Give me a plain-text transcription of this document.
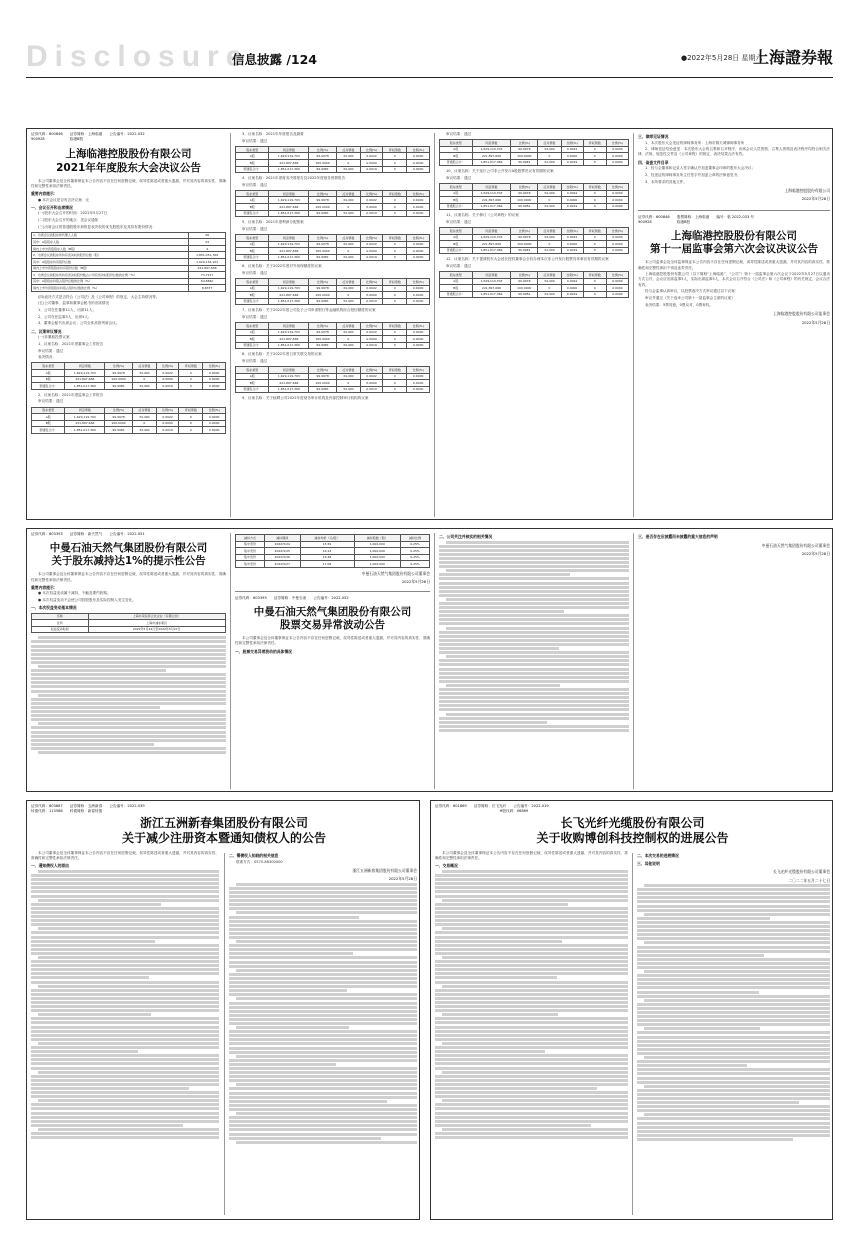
Disclosure
信息披露 /124	●2022年5月28日 星期六
上海證券報
证券代码：600846　　证券简称：上海临港　　公告编号：2022-032
900928　　　　　　　临港B股
上海临港控股股份有限公司
2021年年度股东大会决议公告
本公司董事会及全体董事保证本公告内容不存在任何虚假记载、误导性陈述或者重大遗漏，并对其内容的真实性、准确性和完整性承担法律责任。
重要内容提示：
● 本次会议是否有否决议案：无
一、会议召开和出席情况
(一)股东大会召开的时间：2022年5月27日
(二)股东大会召开的地点：见会议通知
(三)出席会议的普通股股东和恢复表决权的优先股股东及其持有股份情况：
1、出席会议的股东和代理人人数	28
其中：A股股东人数	24
境内上市外资股股东人数（B股）	4
2、出席会议的股东所持有表决权的股份总数（股）	1,851,051,769
其中：A股股东持有股份总数	1,629,154,103
境内上市外资股股东持有股份总数（B股）	221,897,666
3、出席会议的股东所持有表决权股份数占公司有表决权股份总数的比例（%）	73.7217
其中：A股股东持股占股份总数的比例（%）	64.8840
境内上市外资股股东持股占股份总数的比例（%）	8.8377
(四)表决方式是否符合《公司法》及《公司章程》的规定，大会主持情况等。
(五)公司董事、监事和董事会秘书的出席情况
1、公司在任董事11人，出席11人；
2、公司在任监事5人，出席5人；
3、董事会秘书出席会议；公司全体高管列席会议。
二、议案审议情况
(一)非累积投票议案
1、议案名称：2021年度董事会工作报告
审议结果：通过
表决情况：
股东类型	同意票数	比例(%)	反对票数	比例(%)	弃权票数	比例(%)
A股	1,629,119,703	99.9978	34,400	0.0022	0	0.0000
B股	221,897,666	100.0000	0	0.0000	0	0.0000
普通股合计：	1,851,017,369	99.9981	34,400	0.0019	0	0.0000
2、议案名称：2021年度监事会工作报告
审议结果：通过
股东类型	同意票数	比例(%)	反对票数	比例(%)	弃权票数	比例(%)
A股	1,629,119,703	99.9978	34,400	0.0022	0	0.0000
B股	221,897,666	100.0000	0	0.0000	0	0.0000
普通股合计：	1,851,017,369	99.9981	34,400	0.0019	0	0.0000
3、议案名称：2021年年度报告及摘要
审议结果：通过
股东类型	同意票数	比例(%)	反对票数	比例(%)	弃权票数	比例(%)
A股	1,629,119,703	99.9978	34,400	0.0022	0	0.0000
B股	221,897,666	100.0000	0	0.0000	0	0.0000
普通股合计：	1,851,017,369	99.9981	34,400	0.0019	0	0.0000
4、议案名称：2021年度财务决算报告及2022年度财务预算报告
审议结果：通过
股东类型	同意票数	比例(%)	反对票数	比例(%)	弃权票数	比例(%)
A股	1,629,119,703	99.9978	34,400	0.0022	0	0.0000
B股	221,897,666	100.0000	0	0.0000	0	0.0000
普通股合计：	1,851,017,369	99.9981	34,400	0.0019	0	0.0000
5、议案名称：2021年度利润分配预案
审议结果：通过
股东类型	同意票数	比例(%)	反对票数	比例(%)	弃权票数	比例(%)
A股	1,629,119,703	99.9978	34,400	0.0022	0	0.0000
B股	221,897,666	100.0000	0	0.0000	0	0.0000
普通股合计：	1,851,017,369	99.9981	34,400	0.0019	0	0.0000
6、议案名称：关于2022年度对外担保额度的议案
审议结果：通过
股东类型	同意票数	比例(%)	反对票数	比例(%)	弃权票数	比例(%)
A股	1,629,119,703	99.9978	34,400	0.0022	0	0.0000
B股	221,897,666	100.0000	0	0.0000	0	0.0000
普通股合计：	1,851,017,369	99.9981	34,400	0.0019	0	0.0000
7、议案名称：关于2022年度公司及子公司申请银行等金融机构综合授信额度的议案
审议结果：通过
股东类型	同意票数	比例(%)	反对票数	比例(%)	弃权票数	比例(%)
A股	1,629,119,703	99.9978	34,400	0.0022	0	0.0000
B股	221,897,666	100.0000	0	0.0000	0	0.0000
普通股合计：	1,851,017,369	99.9981	34,400	0.0019	0	0.0000
8、议案名称：关于2022年度日常关联交易的议案
审议结果：通过
股东类型	同意票数	比例(%)	反对票数	比例(%)	弃权票数	比例(%)
A股	1,629,119,703	99.9978	34,400	0.0022	0	0.0000
B股	221,897,666	100.0000	0	0.0000	0	0.0000
普通股合计：	1,851,017,369	99.9981	34,400	0.0019	0	0.0000
9、议案名称：关于续聘公司2022年度财务审计机构及内部控制审计机构的议案
审议结果：通过
股东类型	同意票数	比例(%)	反对票数	比例(%)	弃权票数	比例(%)
A股	1,629,119,703	99.9978	34,400	0.0022	0	0.0000
B股	221,897,666	100.0000	0	0.0000	0	0.0000
普通股合计：	1,851,017,369	99.9981	34,400	0.0019	0	0.0000
10、议案名称：关于延长公司非公开发行A股股票决议有效期的议案
审议结果：通过
股东类型	同意票数	比例(%)	反对票数	比例(%)	弃权票数	比例(%)
A股	1,629,119,703	99.9978	34,400	0.0022	0	0.0000
B股	221,897,666	100.0000	0	0.0000	0	0.0000
普通股合计：	1,851,017,369	99.9981	34,400	0.0019	0	0.0000
11、议案名称：关于修订《公司章程》的议案
审议结果：通过
股东类型	同意票数	比例(%)	反对票数	比例(%)	弃权票数	比例(%)
A股	1,629,119,703	99.9978	34,400	0.0022	0	0.0000
B股	221,897,666	100.0000	0	0.0000	0	0.0000
普通股合计：	1,851,017,369	99.9981	34,400	0.0019	0	0.0000
12、议案名称：关于提请股东大会延长授权董事会全权办理本次非公开发行股票具体事宜有效期的议案
审议结果：通过
股东类型	同意票数	比例(%)	反对票数	比例(%)	弃权票数	比例(%)
A股	1,629,119,703	99.9978	34,400	0.0022	0	0.0000
B股	221,897,666	100.0000	0	0.0000	0	0.0000
普通股合计：	1,851,017,369	99.9981	34,400	0.0019	0	0.0000
三、律师见证情况
1、本次股东大会见证的律师事务所：上海市锦天城律师事务所
2、律师见证结论意见：本次股东大会的召集和召开程序、出席会议人员资格、召集人资格及表决程序均符合相关法律、法规、规范性文件及《公司章程》的规定，表决结果合法有效。
四、备查文件目录
1、经与会董事和记录人签字确认并加盖董事会印章的股东大会决议；
2、经见证的律师事务所主任签字并加盖公章的法律意见书；
3、本所要求的其他文件。
上海临港控股股份有限公司
2022年5月28日
证券代码：600848　　股票简称：上海临港　　编号：临 2022-033 号
900928　　　　　　　临港B股
上海临港控股股份有限公司
第十一届监事会第六次会议决议公告
本公司监事会及全体监事保证本公告内容不存在任何虚假记载、误导性陈述或者重大遗漏，并对其内容的真实性、准确性和完整性承担个别及连带责任。
上海临港控股股份有限公司（以下简称“上海临港”、“公司”）第十一届监事会第六次会议于2022年5月27日以通讯方式召开，会议应出席监事5人，实际出席监事5人，本次会议召开符合《公司法》和《公司章程》的有关规定，会议合法有效。
经与会监事认真审议，以投票表决方式审议通过以下议案：
审议并通过《关于选举公司第十一届监事会主席的议案》
表决结果：5票同意，0票反对，0票弃权。
上海临港控股股份有限公司监事会
2022年5月28日
证券代码：603393　　证券简称：新天然气　　公告编号：2022-051
中曼石油天然气集团股份有限公司
关于股东减持达1%的提示性公告
本公司董事会及全体董事保证本公告内容不存在任何虚假记载、误导性陈述或者重大遗漏，并对其内容的真实性、准确性和完整性承担法律责任。
重要内容提示：
● 本次权益变动属于减持，不触及要约收购。
● 本次权益变动不会使公司控股股东及实际控制人发生变化。
一、本次权益变动基本情况
名称	上海共荣投资合伙企业（有限合伙）
住所	上海市浦东新区
权益变动时间	2022年5月24日至2022年5月27日
减持方式	减持期间	减持均价（元/股）	减持股数（股）	减持比例
集中竞价	2022/5/24	15.59	1,000,000	0.25%
集中竞价	2022/5/25	16.12	1,000,000	0.25%
集中竞价	2022/5/26	16.48	1,000,000	0.25%
集中竞价	2022/5/27	17.06	1,000,000	0.25%
中曼石油天然气集团股份有限公司董事会
2022年5月28日
证券代码：603393　　证券简称：中曼石油　　公告编号：2022-052
中曼石油天然气集团股份有限公司
股票交易异常波动公告
本公司董事会及全体董事保证本公告内容不存在任何虚假记载、误导性陈述或者重大遗漏，并对其内容的真实性、准确性和完整性承担法律责任。
一、股票交易异常波动的具体情况
二、公司关注并核实的相关情况	三、是否存在应披露而未披露的重大信息的声明
中曼石油天然气集团股份有限公司董事会
2022年5月28日
证券代码：603887　　证券简称：五洲新春　　公告编号：2022-039
转债代码：113568　　转债简称：新春转债
浙江五洲新春集团股份有限公司
关于减少注册资本暨通知债权人的公告
本公司董事会及全体董事保证本公告内容不存在任何虚假记载、误导性陈述或者重大遗漏，并对其内容的真实性、准确性和完整性承担法律责任。
一、通知债权人的原由
二、需债权人知晓的相关信息
联系方式：0575-86300000
浙江五洲新春集团股份有限公司董事会
2022年5月28日
证券代码：601869　　证券简称：长飞光纤　　公告编号：2022-019
　　　　　　　　　　　　　　　　　　H股代码：06869
长飞光纤光缆股份有限公司
关于收购博创科技控制权的进展公告
本公司董事会及全体董事保证本公告内容不存在任何虚假记载、误导性陈述或者重大遗漏，并对其内容的真实性、准确性和完整性承担法律责任。
一、交易概况
二、本次交易的进展情况
三、其他说明
长飞光纤光缆股份有限公司董事会
二〇二二年五月二十七日
